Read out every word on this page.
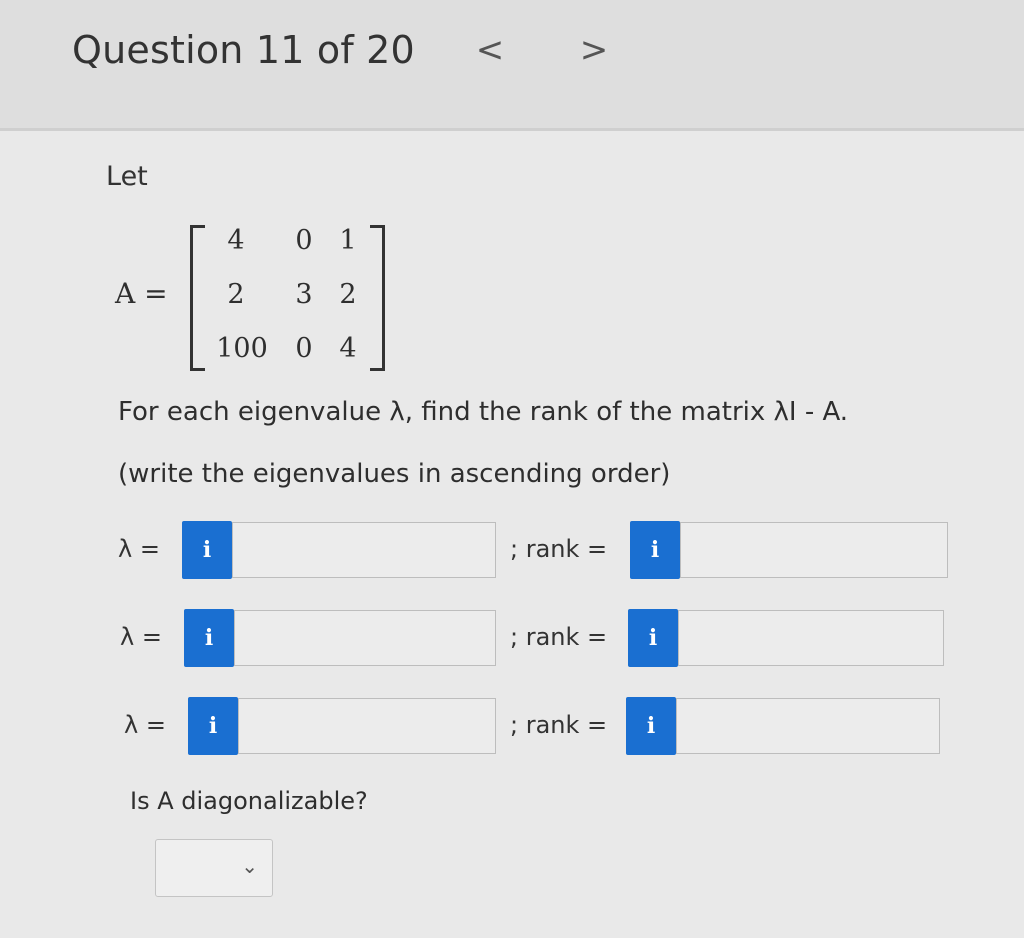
Question 11 of 20 < >
Let
A =
4	0 1
2	3 2
100	0 4
For each eigenvalue λ, find the rank of the matrix λI - A.
(write the eigenvalues in ascending order)
λ =	i	; rank =	i
λ =	i	; rank =	i
λ =	i	; rank =	i
Is A diagonalizable?
⌄
